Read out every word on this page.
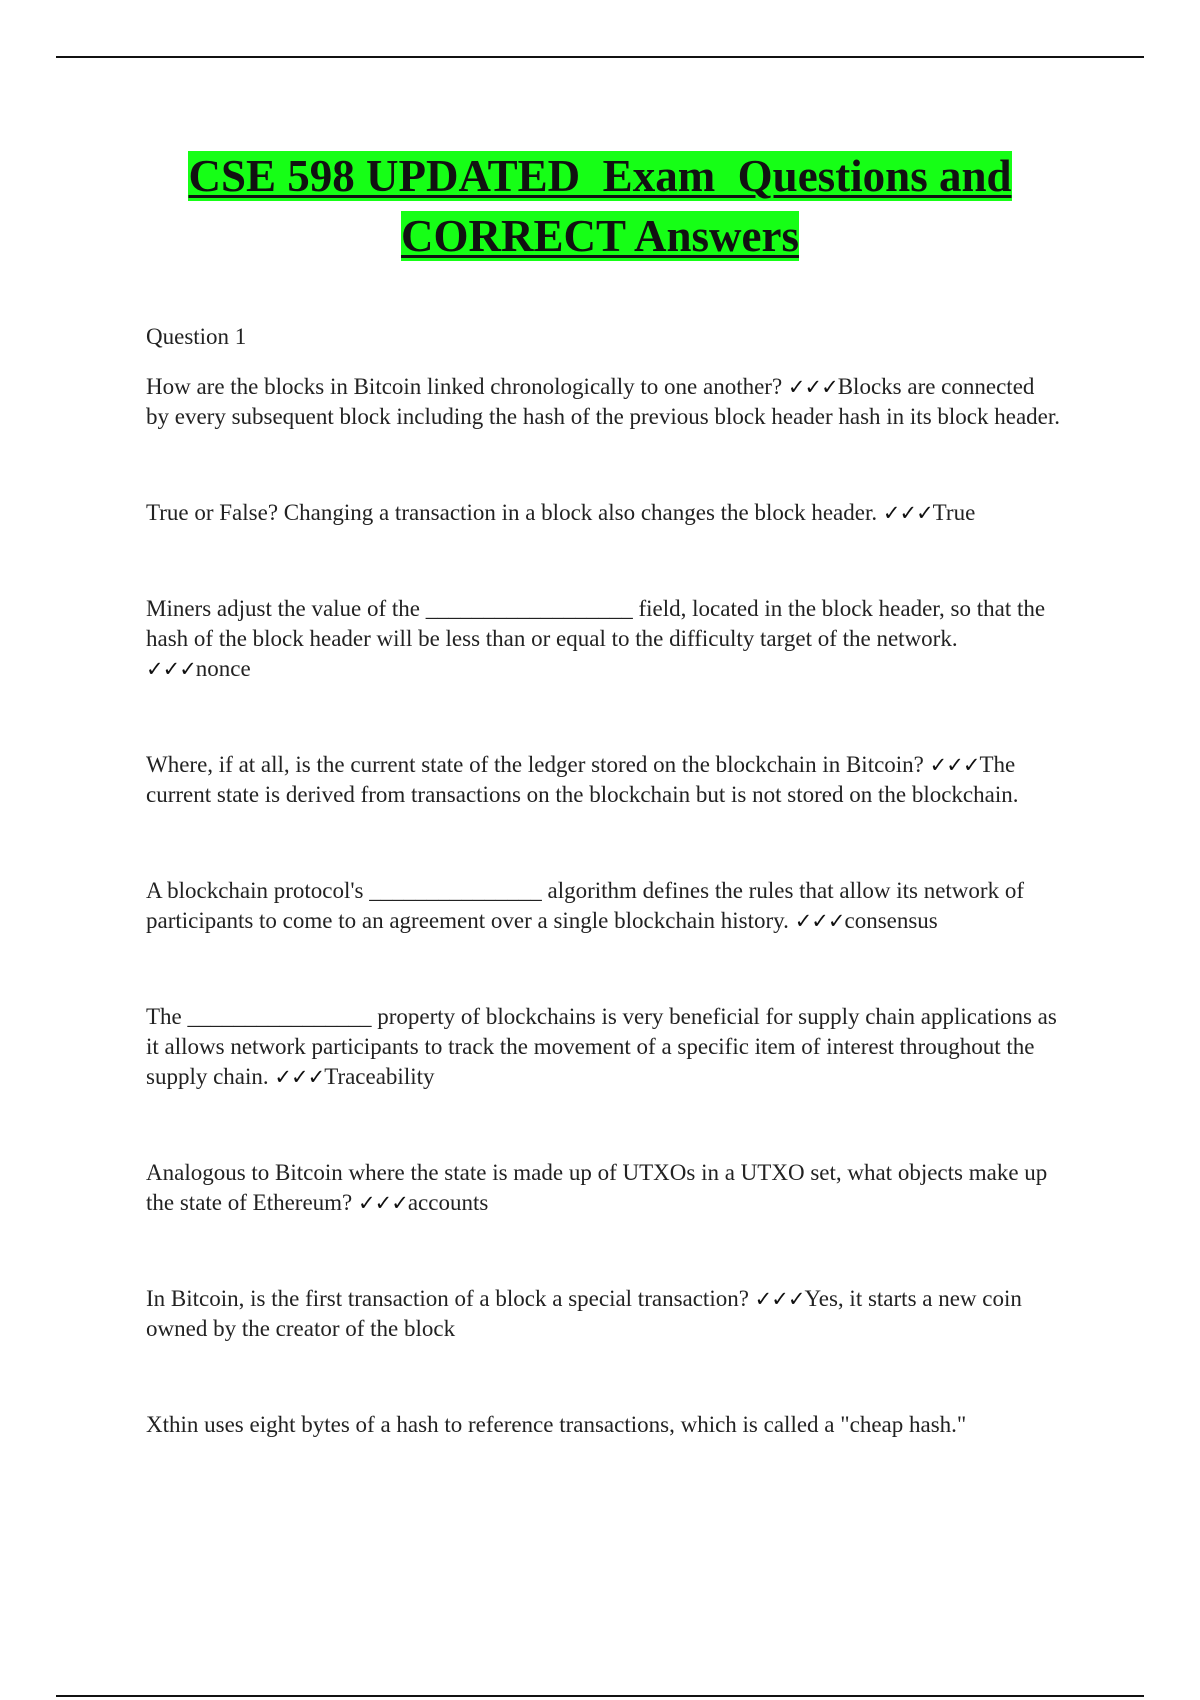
CSE 598 UPDATED  Exam  Questions and
CORRECT Answers

Question 1

How are the blocks in Bitcoin linked chronologically to one another? ✓✓✓Blocks are connected by every subsequent block including the hash of the previous block header hash in its block header.

True or False? Changing a transaction in a block also changes the block header. ✓✓✓True

Miners adjust the value of the __________________ field, located in the block header, so that the hash of the block header will be less than or equal to the difficulty target of the network. ✓✓✓nonce

Where, if at all, is the current state of the ledger stored on the blockchain in Bitcoin? ✓✓✓The current state is derived from transactions on the blockchain but is not stored on the blockchain.

A blockchain protocol's _______________ algorithm defines the rules that allow its network of participants to come to an agreement over a single blockchain history. ✓✓✓consensus

The ________________ property of blockchains is very beneficial for supply chain applications as it allows network participants to track the movement of a specific item of interest throughout the supply chain. ✓✓✓Traceability

Analogous to Bitcoin where the state is made up of UTXOs in a UTXO set, what objects make up the state of Ethereum? ✓✓✓accounts

In Bitcoin, is the first transaction of a block a special transaction? ✓✓✓Yes, it starts a new coin owned by the creator of the block

Xthin uses eight bytes of a hash to reference transactions, which is called a "cheap hash."
